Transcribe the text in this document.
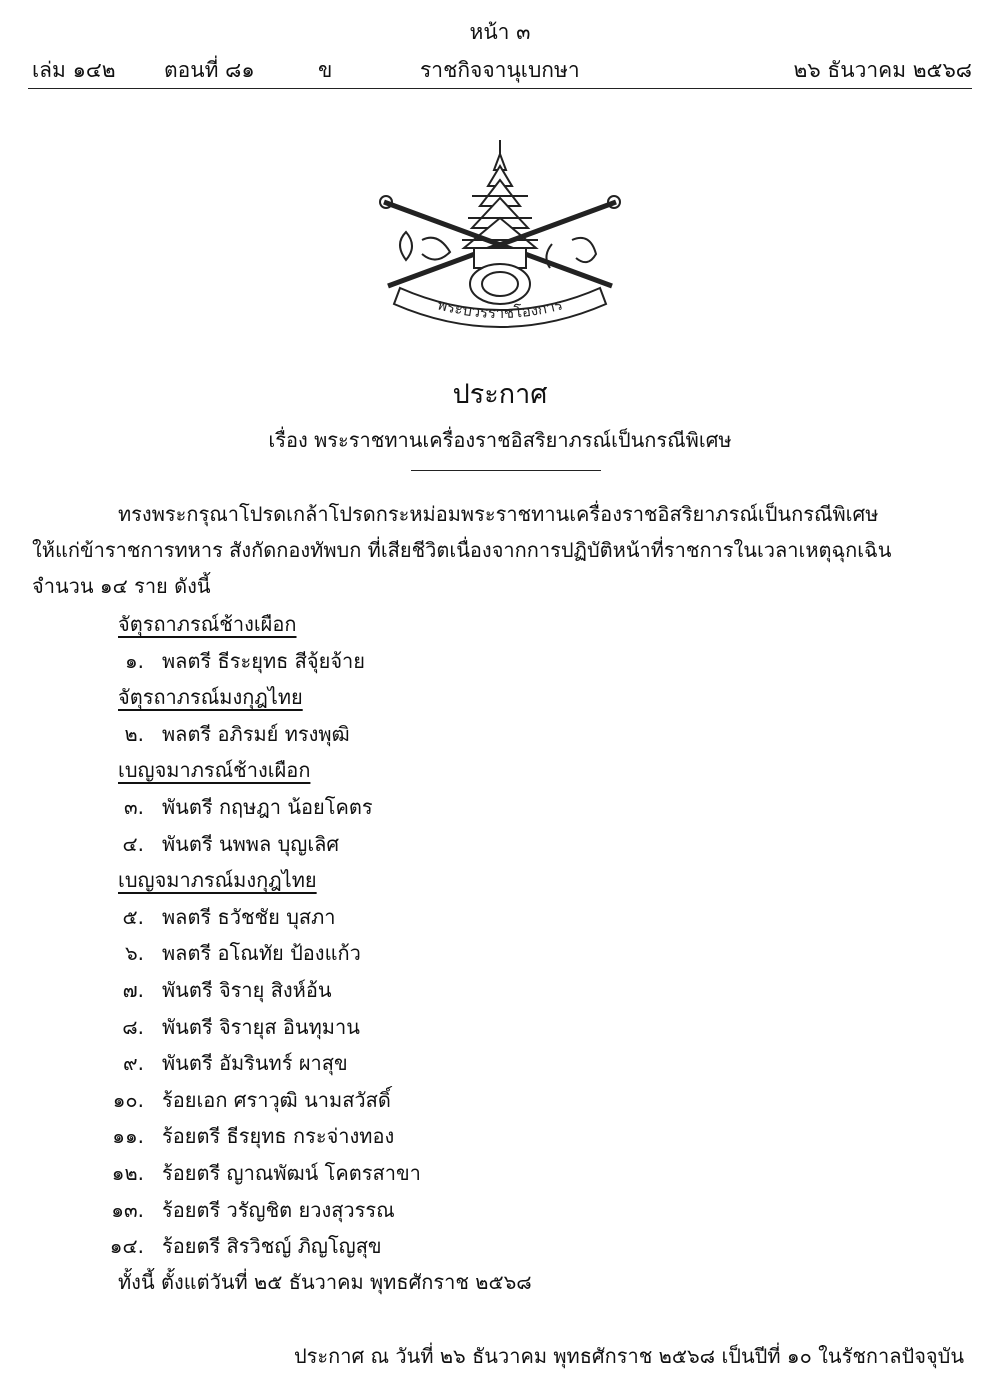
หน้า ๓
เล่ม ๑๔๒ ตอนที่ ๘๑	ข	ราชกิจจานุเบกษา	๒๖ ธันวาคม ๒๕๖๘
พระบวรราชโองการ
ประกาศ
เรื่อง พระราชทานเครื่องราชอิสริยาภรณ์เป็นกรณีพิเศษ
ทรงพระกรุณาโปรดเกล้าโปรดกระหม่อมพระราชทานเครื่องราชอิสริยาภรณ์เป็นกรณีพิเศษ
ให้แก่ข้าราชการทหาร สังกัดกองทัพบก ที่เสียชีวิตเนื่องจากการปฏิบัติหน้าที่ราชการในเวลาเหตุฉุกเฉิน
จำนวน ๑๔ ราย ดังนี้
จัตุรถาภรณ์ช้างเผือก
๑. พลตรี ธีระยุทธ สีจุ้ยจ้าย
จัตุรถาภรณ์มงกุฎไทย
๒. พลตรี อภิรมย์ ทรงพุฒิ
เบญจมาภรณ์ช้างเผือก
๓. พันตรี กฤษฎา น้อยโคตร
๔. พันตรี นพพล บุญเลิศ
เบญจมาภรณ์มงกุฎไทย
๕. พลตรี ธวัชชัย บุสภา
๖. พลตรี อโณทัย ป้องแก้ว
๗. พันตรี จิรายุ สิงห์อ้น
๘. พันตรี จิรายุส อินทุมาน
๙. พันตรี อัมรินทร์ ผาสุข
๑๐. ร้อยเอก ศราวุฒิ นามสวัสดิ์
๑๑. ร้อยตรี ธีรยุทธ กระจ่างทอง
๑๒. ร้อยตรี ญาณพัฒน์ โคตรสาขา
๑๓. ร้อยตรี วรัญชิต ยวงสุวรรณ
๑๔. ร้อยตรี สิรวิชญ์ ภิญโญสุข
ทั้งนี้ ตั้งแต่วันที่ ๒๕ ธันวาคม พุทธศักราช ๒๕๖๘
ประกาศ ณ วันที่ ๒๖ ธันวาคม พุทธศักราช ๒๕๖๘ เป็นปีที่ ๑๐ ในรัชกาลปัจจุบัน
